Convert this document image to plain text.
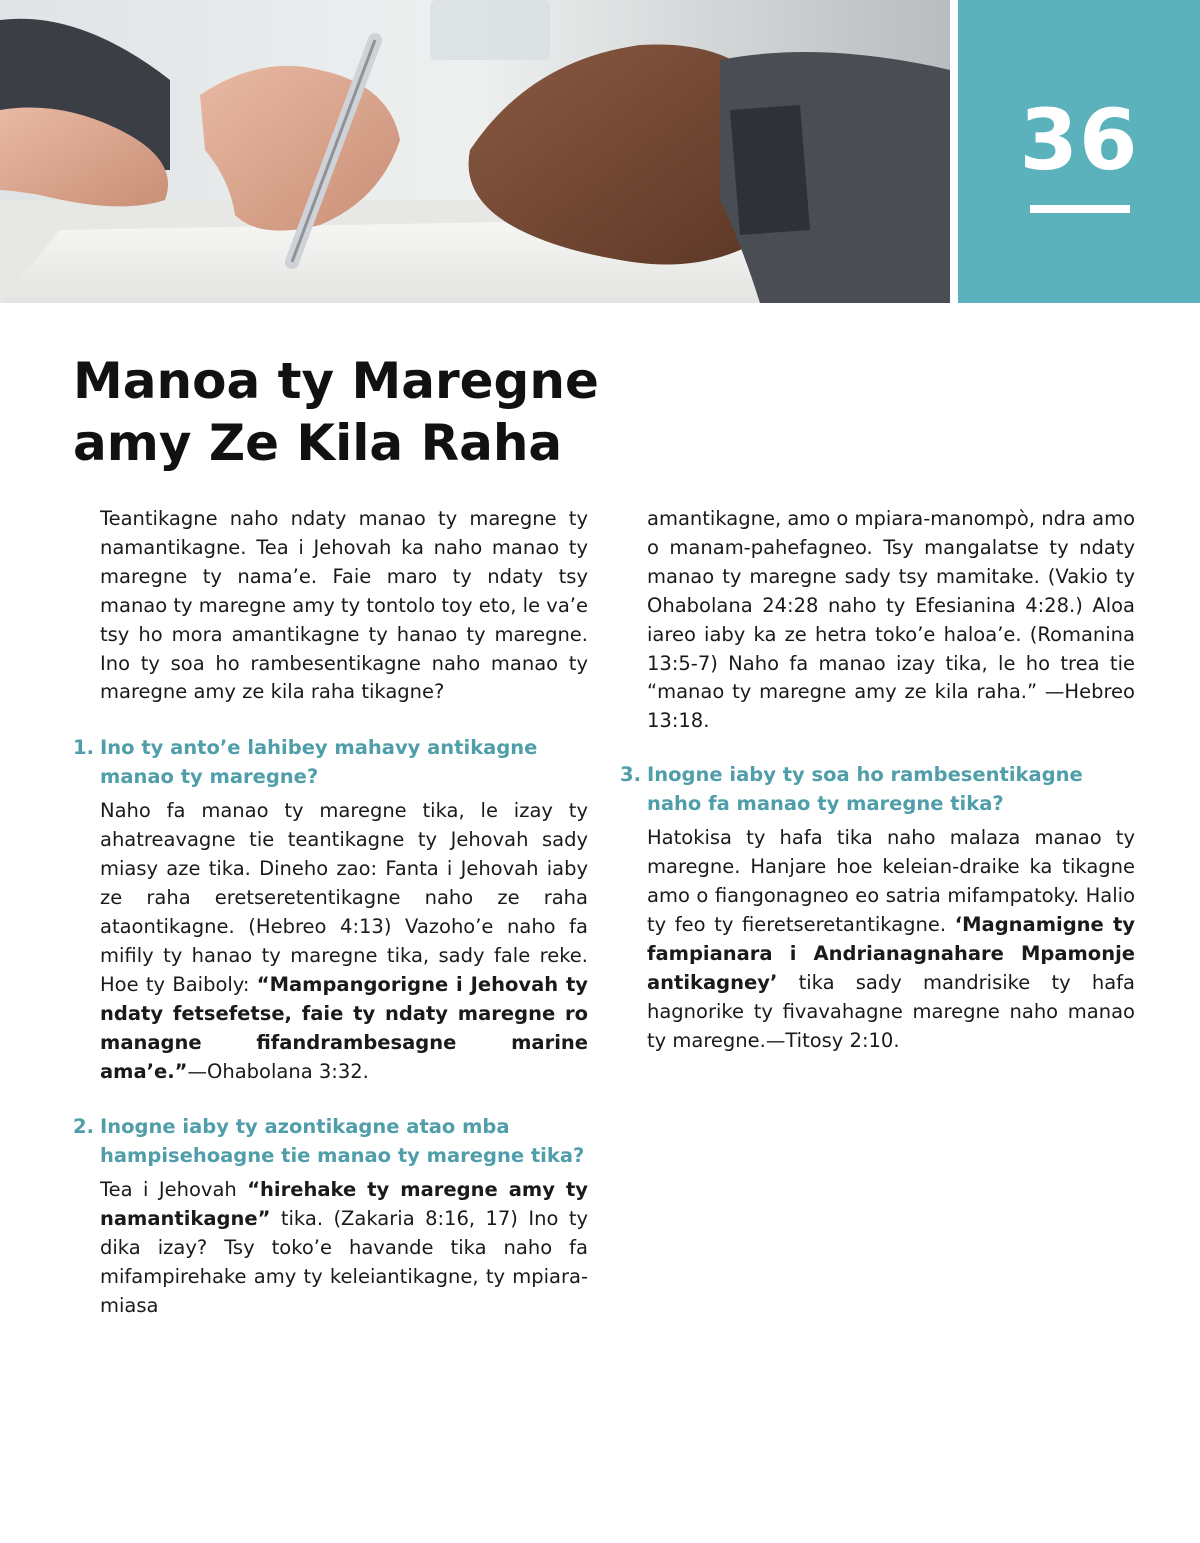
36
Manoa ty Maregne
amy Ze Kila Raha

Teantikagne naho ndaty manao ty maregne ty namantikagne. Tea i Jehovah ka naho manao ty maregne ty nama’e. Faie maro ty ndaty tsy manao ty maregne amy ty tontolo toy eto, le va’e tsy ho mora amantikagne ty hanao ty maregne. Ino ty soa ho rambesentikagne naho manao ty maregne amy ze kila raha tikagne?

1. Ino ty anto’e lahibey mahavy antikagne manao ty maregne?

Naho fa manao ty maregne tika, le izay ty ahatreavagne tie teantikagne ty Jehovah sady miasy aze tika. Dineho zao: Fanta i Jehovah iaby ze raha eretseretentikagne naho ze raha ataontikagne. (Hebreo 4:13) Vazoho’e naho fa mifily ty hanao ty maregne tika, sady fale reke. Hoe ty Baiboly: “Mampangorigne i Jehovah ty ndaty fetsefetse, faie ty ndaty maregne ro managne fifandrambesagne marine ama’e.”—Ohabolana 3:32.

2. Inogne iaby ty azontikagne atao mba hampisehoagne tie manao ty maregne tika?

Tea i Jehovah “hirehake ty maregne amy ty namantikagne” tika. (Zakaria 8:16, 17) Ino ty dika izay? Tsy toko’e havande tika naho fa mifampirehake amy ty keleiantikagne, ty mpiara-miasa

amantikagne, amo o mpiara-manompò, ndra amo o manam-pahefagneo. Tsy mangalatse ty ndaty manao ty maregne sady tsy mamitake. (Vakio ty Ohabolana 24:28 naho ty Efesianina 4:28.) Aloa iareo iaby ka ze hetra toko’e haloa’e. (Romanina 13:5-7) Naho fa manao izay tika, le ho trea tie “manao ty maregne amy ze kila raha.” —Hebreo 13:18.

3. Inogne iaby ty soa ho rambesentikagne naho fa manao ty maregne tika?

Hatokisa ty hafa tika naho malaza manao ty maregne. Hanjare hoe keleian-draike ka tikagne amo o fiangonagneo eo satria mifampatoky. Halio ty feo ty fieretseretantikagne. ‘Magnamigne ty fampianara i Andrianagnahare Mpamonje antikagney’ tika sady mandrisike ty hafa hagnorike ty fivavahagne maregne naho manao ty maregne.—Titosy 2:10.
